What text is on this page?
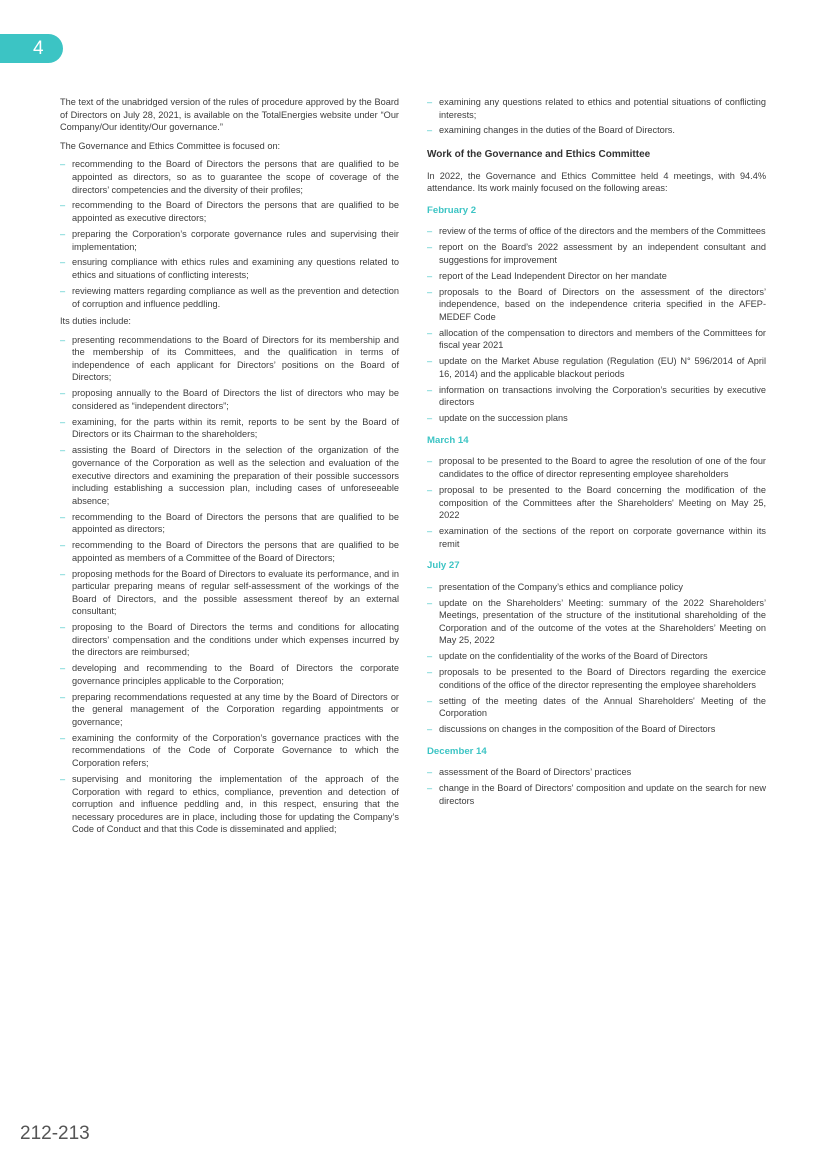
4

The text of the unabridged version of the rules of procedure approved by the Board of Directors on July 28, 2021, is available on the TotalEnergies website under “Our Company/Our identity/Our governance.”

The Governance and Ethics Committee is focused on:

– recommending to the Board of Directors the persons that are qualified to be appointed as directors, so as to guarantee the scope of coverage of the directors’ competencies and the diversity of their profiles;
– recommending to the Board of Directors the persons that are qualified to be appointed as executive directors;
– preparing the Corporation’s corporate governance rules and supervising their implementation;
– ensuring compliance with ethics rules and examining any questions related to ethics and situations of conflicting interests;
– reviewing matters regarding compliance as well as the prevention and detection of corruption and influence peddling.

Its duties include:

– presenting recommendations to the Board of Directors for its membership and the membership of its Committees, and the qualification in terms of independence of each applicant for Directors’ positions on the Board of Directors;
– proposing annually to the Board of Directors the list of directors who may be considered as “independent directors”;
– examining, for the parts within its remit, reports to be sent by the Board of Directors or its Chairman to the shareholders;
– assisting the Board of Directors in the selection of the organization of the governance of the Corporation as well as the selection and evaluation of the executive directors and examining the preparation of their possible successors including establishing a succession plan, including cases of unforeseeable absence;
– recommending to the Board of Directors the persons that are qualified to be appointed as directors;
– recommending to the Board of Directors the persons that are qualified to be appointed as members of a Committee of the Board of Directors;
– proposing methods for the Board of Directors to evaluate its performance, and in particular preparing means of regular self-assessment of the workings of the Board of Directors, and the possible assessment thereof by an external consultant;
– proposing to the Board of Directors the terms and conditions for allocating directors’ compensation and the conditions under which expenses incurred by the directors are reimbursed;
– developing and recommending to the Board of Directors the corporate governance principles applicable to the Corporation;
– preparing recommendations requested at any time by the Board of Directors or the general management of the Corporation regarding appointments or governance;
– examining the conformity of the Corporation’s governance practices with the recommendations of the Code of Corporate Governance to which the Corporation refers;
– supervising and monitoring the implementation of the approach of the Corporation with regard to ethics, compliance, prevention and detection of corruption and influence peddling and, in this respect, ensuring that the necessary procedures are in place, including those for updating the Company’s Code of Conduct and that this Code is disseminated and applied;
– examining any questions related to ethics and potential situations of conflicting interests;
– examining changes in the duties of the Board of Directors.
Work of the Governance and Ethics Committee

In 2022, the Governance and Ethics Committee held 4 meetings, with 94.4% attendance. Its work mainly focused on the following areas:

February 2
– review of the terms of office of the directors and the members of the Committees
– report on the Board’s 2022 assessment by an independent consultant and suggestions for improvement
– report of the Lead Independent Director on her mandate
– proposals to the Board of Directors on the assessment of the directors’ independence, based on the independence criteria specified in the AFEP-MEDEF Code
– allocation of the compensation to directors and members of the Committees for fiscal year 2021
– update on the Market Abuse regulation (Regulation (EU) N° 596/2014 of April 16, 2014) and the applicable blackout periods
– information on transactions involving the Corporation’s securities by executive directors
– update on the succession plans
March 14
– proposal to be presented to the Board to agree the resolution of one of the four candidates to the office of director representing employee shareholders
– proposal to be presented to the Board concerning the modification of the composition of the Committees after the Shareholders' Meeting on May 25, 2022
– examination of the sections of the report on corporate governance within its remit
July 27
– presentation of the Company’s ethics and compliance policy
– update on the Shareholders’ Meeting: summary of the 2022 Shareholders’ Meetings, presentation of the structure of the institutional shareholding of the Corporation and of the outcome of the votes at the Shareholders’ Meeting on May 25, 2022
– update on the confidentiality of the works of the Board of Directors
– proposals to be presented to the Board of Directors regarding the exercice conditions of the office of the director representing the employee shareholders
– setting of the meeting dates of the Annual Shareholders' Meeting of the Corporation
– discussions on changes in the composition of the Board of Directors
December 14
– assessment of the Board of Directors’ practices
– change in the Board of Directors' composition and update on the search for new directors
212-213
